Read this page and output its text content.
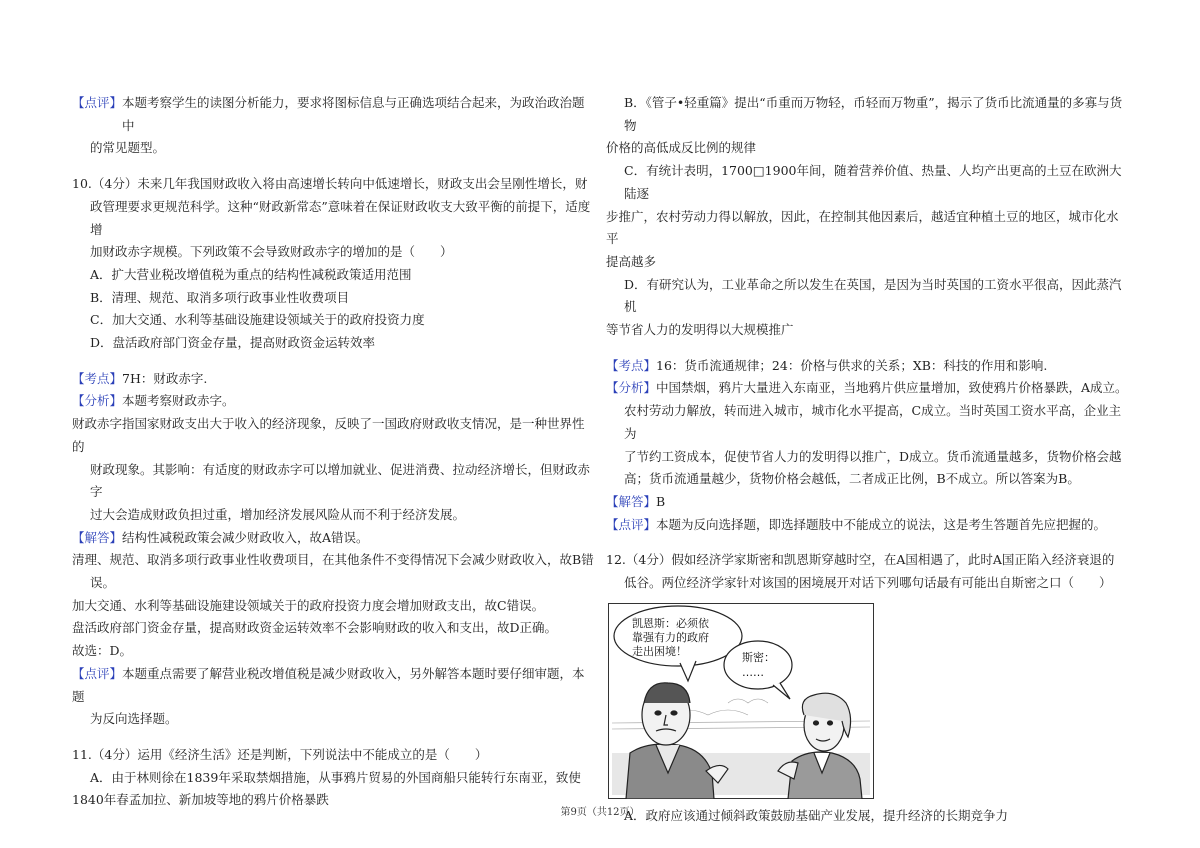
【点评】本题考察学生的读图分析能力，要求将图标信息与正确选项结合起来，为政治政治题中

的常见题型。

10.（4分）未来几年我国财政收入将由高速增长转向中低速增长，财政支出会呈刚性增长，财

政管理要求更规范科学。这种“财政新常态”意味着在保证财政收支大致平衡的前提下，适度增

加财政赤字规模。下列政策不会导致财政赤字的增加的是（　　）

A．扩大营业税改增值税为重点的结构性减税政策适用范围

B．清理、规范、取消多项行政事业性收费项目

C．加大交通、水利等基础设施建设领域关于的政府投资力度

D．盘活政府部门资金存量，提高财政资金运转效率

【考点】7H：财政赤字.

【分析】本题考察财政赤字。

财政赤字指国家财政支出大于收入的经济现象，反映了一国政府财政收支情况，是一种世界性的

财政现象。其影响：有适度的财政赤字可以增加就业、促进消费、拉动经济增长，但财政赤字

过大会造成财政负担过重，增加经济发展风险从而不利于经济发展。

【解答】结构性减税政策会减少财政收入，故A错误。

清理、规范、取消多项行政事业性收费项目，在其他条件不变得情况下会减少财政收入，故B错

误。

加大交通、水利等基础设施建设领域关于的政府投资力度会增加财政支出，故C错误。

盘活政府部门资金存量，提高财政资金运转效率不会影响财政的收入和支出，故D正确。

故选：D。

【点评】本题重点需要了解营业税改增值税是减少财政收入，另外解答本题时要仔细审题，本题

为反向选择题。

11.（4分）运用《经济生活》还是判断，下列说法中不能成立的是（　　）

A．由于林则徐在1839年采取禁烟措施，从事鸦片贸易的外国商船只能转行东南亚，致使

1840年春孟加拉、新加坡等地的鸦片价格暴跌

B．《管子•轻重篇》提出“币重而万物轻，币轻而万物重”，揭示了货币比流通量的多寡与货物

价格的高低成反比例的规律

C．有统计表明，1700□1900年间，随着营养价值、热量、人均产出更高的土豆在欧洲大陆逐

步推广，农村劳动力得以解放，因此，在控制其他因素后，越适宜种植土豆的地区，城市化水平

提高越多

D．有研究认为，工业革命之所以发生在英国，是因为当时英国的工资水平很高，因此蒸汽机

等节省人力的发明得以大规模推广

【考点】16：货币流通规律；24：价格与供求的关系；XB：科技的作用和影响.

【分析】中国禁烟，鸦片大量进入东南亚，当地鸦片供应量增加，致使鸦片价格暴跌，A成立。

农村劳动力解放，转而进入城市，城市化水平提高，C成立。当时英国工资水平高，企业主为

了节约工资成本，促使节省人力的发明得以推广，D成立。货币流通量越多，货物价格会越

高；货币流通量越少，货物价格会越低，二者成正比例，B不成立。所以答案为B。

【解答】B

【点评】本题为反向选择题，即选择题肢中不能成立的说法，这是考生答题首先应把握的。

12.（4分）假如经济学家斯密和凯恩斯穿越时空，在A国相遇了，此时A国正陷入经济衰退的

低谷。两位经济学家针对该国的困境展开对话下列哪句话最有可能出自斯密之口（　　）

凯恩斯：必须依
靠强有力的政府
走出困境！	斯密：
……

A．政府应该通过倾斜政策鼓励基础产业发展，提升经济的长期竞争力

第9页（共12页）
